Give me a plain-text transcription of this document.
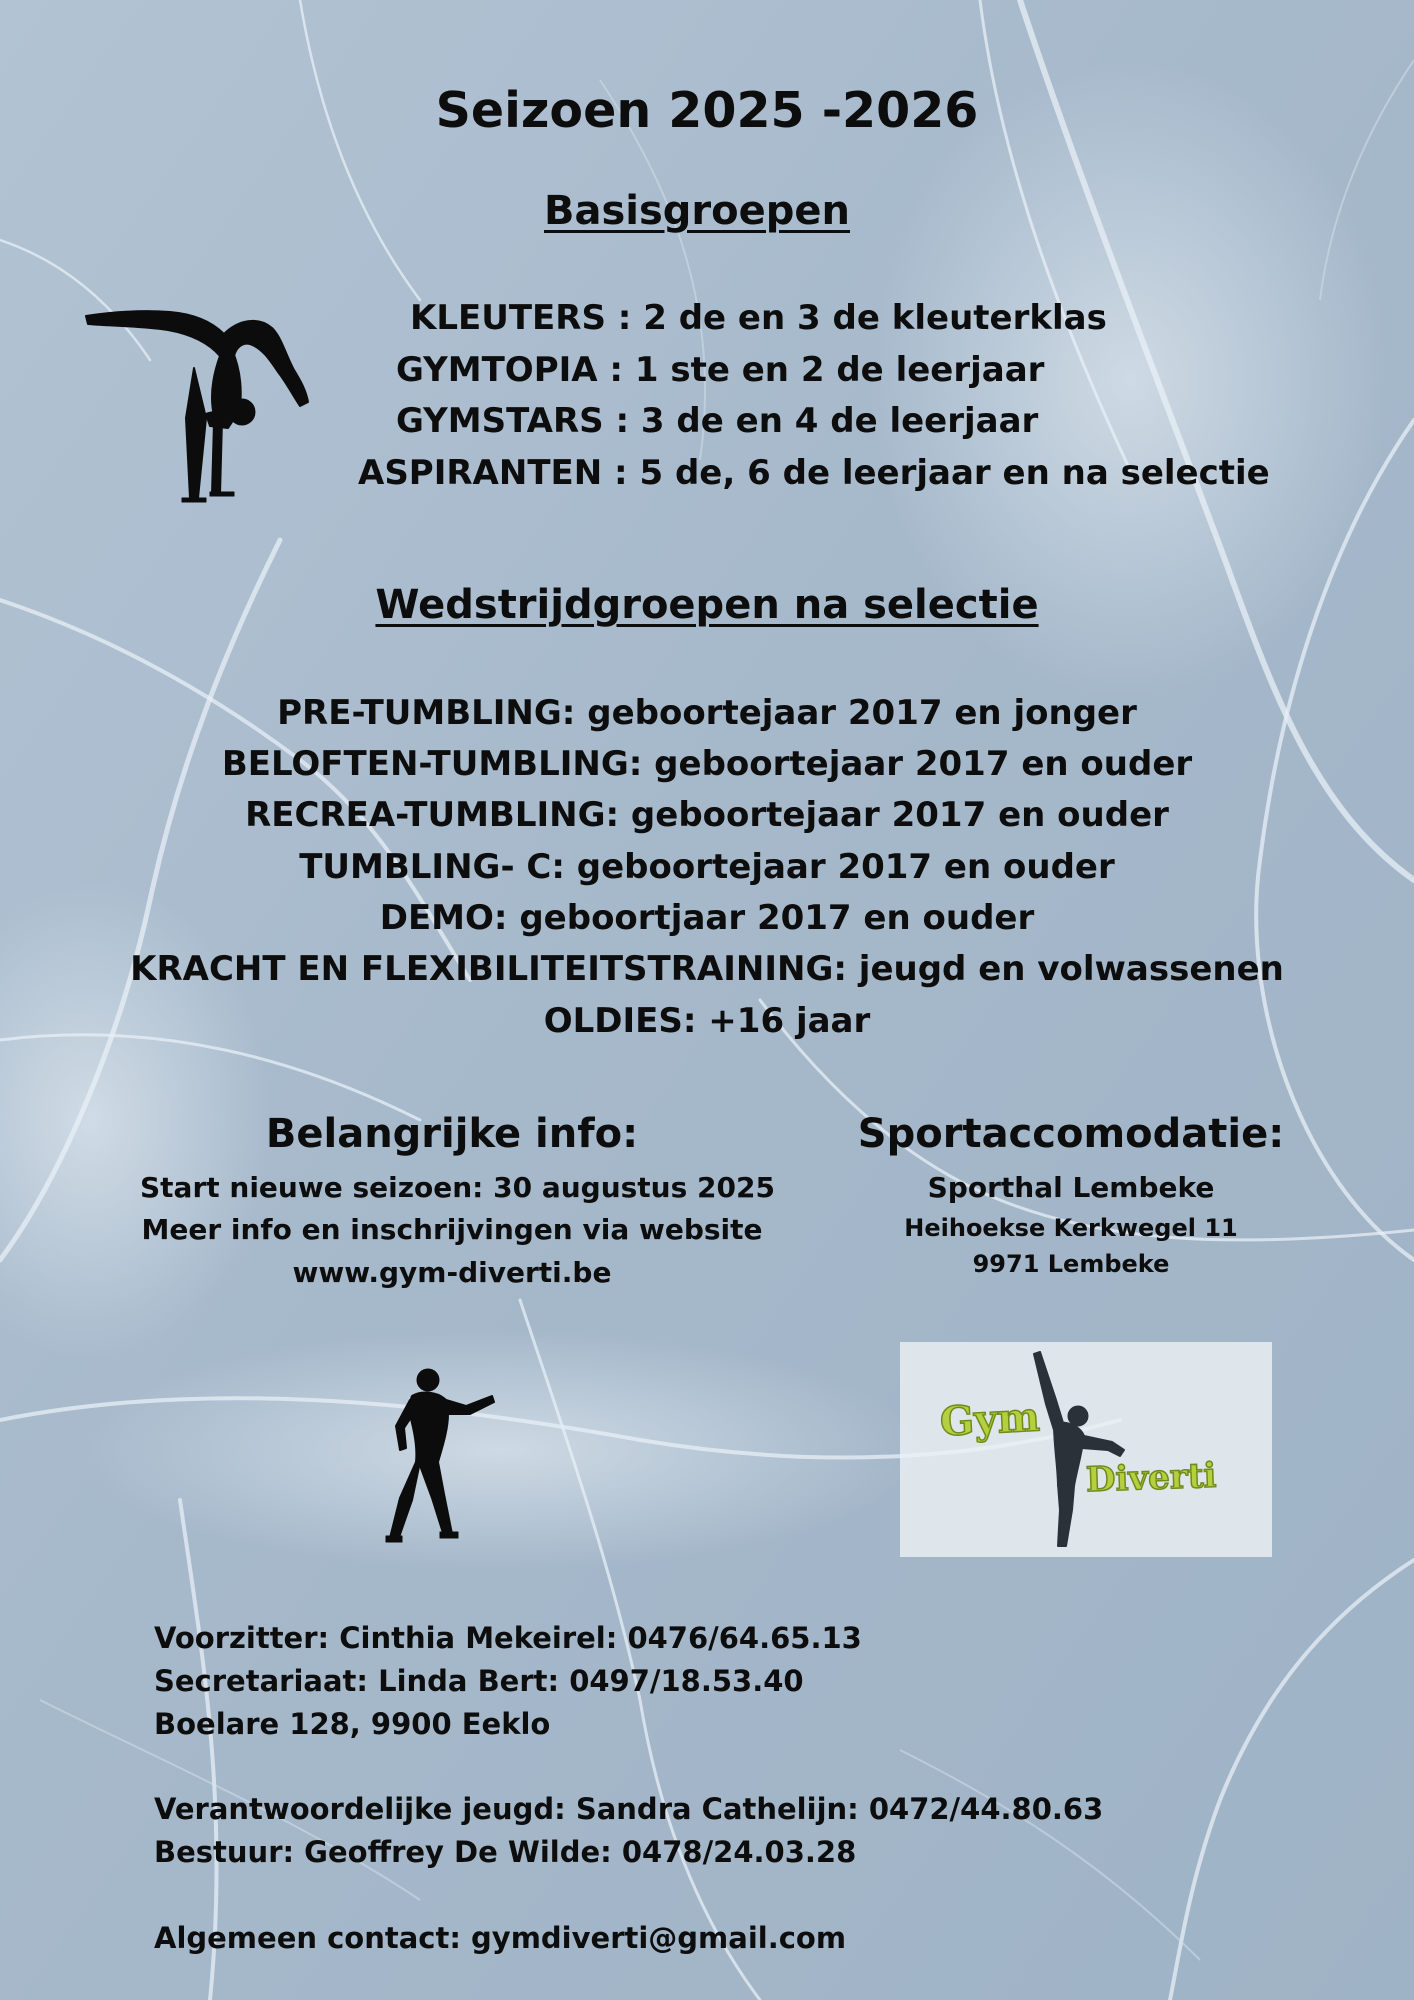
Seizoen 2025 -2026
Basisgroepen

KLEUTERS : 2 de en 3 de kleuterklas

GYMTOPIA : 1 ste en 2 de leerjaar

GYMSTARS : 3 de en 4 de leerjaar

ASPIRANTEN : 5 de, 6 de leerjaar en na selectie

Wedstrijdgroepen na selectie

PRE-TUMBLING: geboortejaar 2017 en jonger

BELOFTEN-TUMBLING: geboortejaar 2017 en ouder

RECREA-TUMBLING: geboortejaar 2017 en ouder

TUMBLING- C: geboortejaar 2017 en ouder

DEMO: geboortjaar 2017 en ouder

KRACHT EN FLEXIBILITEITSTRAINING: jeugd en volwassenen

OLDIES: +16 jaar

Belangrijke info:

Start nieuwe seizoen: 30 augustus 2025

Meer info en inschrijvingen via website

www.gym-diverti.be

Sportaccomodatie:

Sporthal Lembeke

Heihoekse Kerkwegel 11

9971 Lembeke

Gym
Diverti

Voorzitter: Cinthia Mekeirel: 0476/64.65.13

Secretariaat: Linda Bert: 0497/18.53.40

Boelare 128, 9900 Eeklo

Verantwoordelijke jeugd: Sandra Cathelijn: 0472/44.80.63

Bestuur: Geoffrey De Wilde: 0478/24.03.28

Algemeen contact: gymdiverti@gmail.com
